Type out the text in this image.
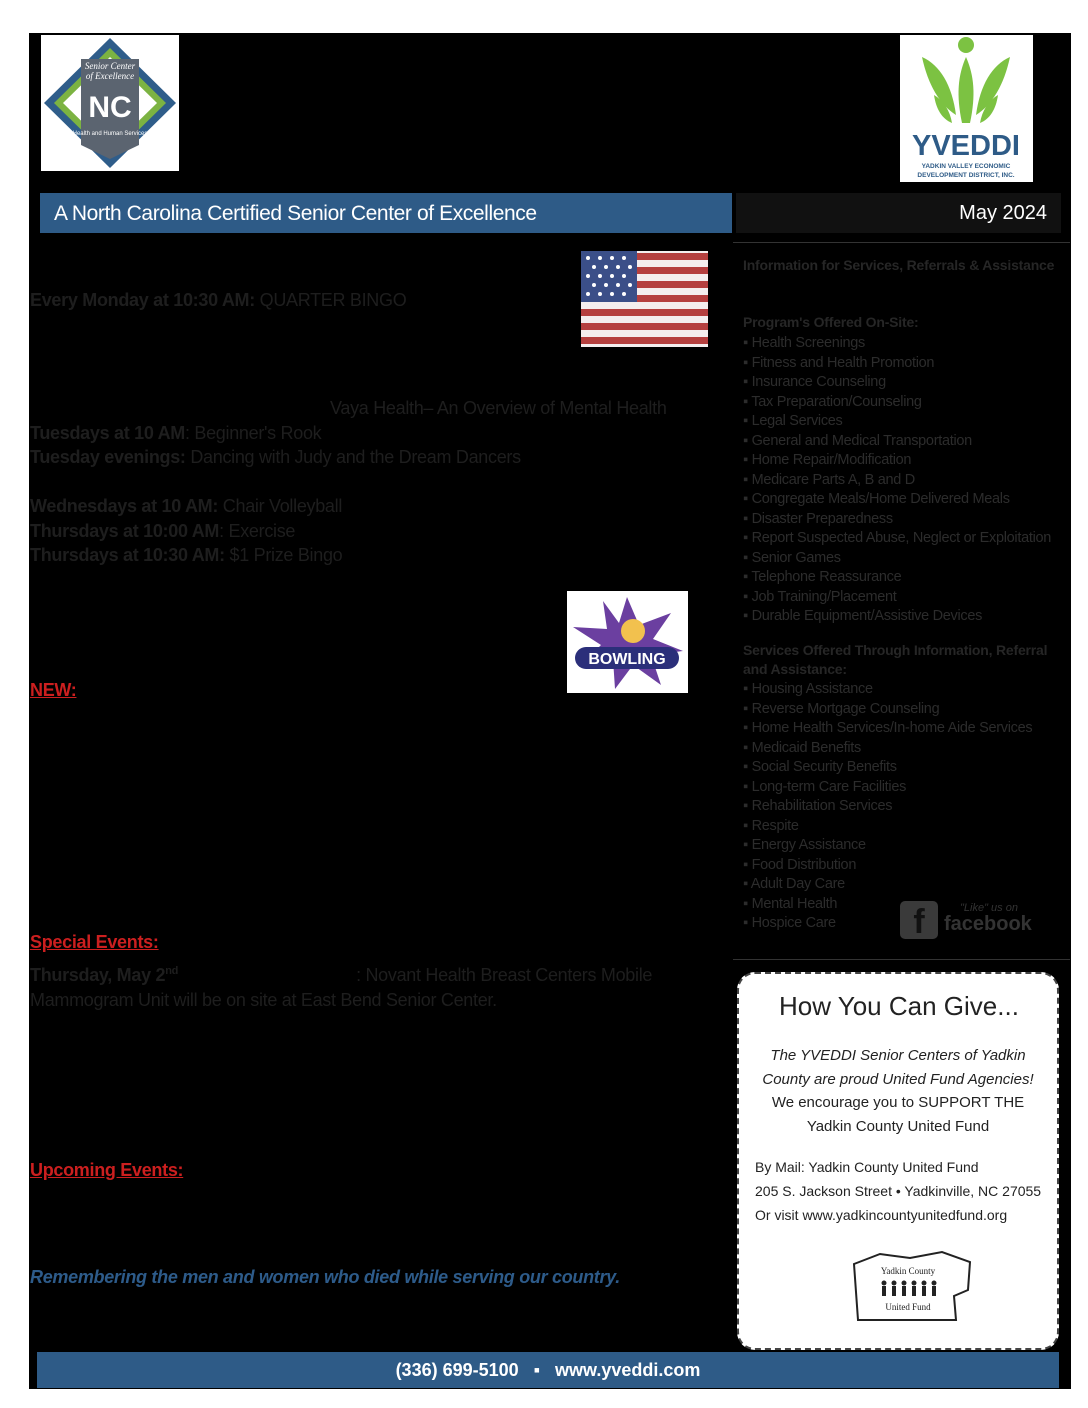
Senior Center
of Excellence
NC
Health and Human Services	YVEDDI
YADKIN VALLEY ECONOMIC
DEVELOPMENT DISTRICT, INC.
A North Carolina Certified Senior Center of Excellence	May 2024
Every Monday at 10:30 AM: QUARTER BINGO
Vaya Health– An Overview of Mental Health
Tuesdays at 10 AM: Beginner's Rook
Tuesday evenings: Dancing with Judy and the Dream Dancers
Wednesdays at 10 AM: Chair Volleyball
Thursdays at 10:00 AM: Exercise
Thursdays at 10:30 AM: $1 Prize Bingo
BOWLING
NEW:
Special Events:
Thursday, May 2nd	: Novant Health Breast Centers Mobile
Mammogram Unit will be on site at East Bend Senior Center.
Upcoming Events:
Remembering the men and women who died while serving our country.
Information for Services, Referrals & Assistance
Program's Offered On-Site:
▪ Health Screenings
▪ Fitness and Health Promotion
▪ Insurance Counseling
▪ Tax Preparation/Counseling
▪ Legal Services
▪ General and Medical Transportation
▪ Home Repair/Modification
▪ Medicare Parts A, B and D
▪ Congregate Meals/Home Delivered Meals
▪ Disaster Preparedness
▪ Report Suspected Abuse, Neglect or Exploitation
▪ Senior Games
▪ Telephone Reassurance
▪ Job Training/Placement
▪ Durable Equipment/Assistive Devices
Services Offered Through Information, Referral and Assistance:
▪ Housing Assistance
▪ Reverse Mortgage Counseling
▪ Home Health Services/In-home Aide Services
▪ Medicaid Benefits
▪ Social Security Benefits
▪ Long-term Care Facilities
▪ Rehabilitation Services
▪ Respite
▪ Energy Assistance
▪ Food Distribution
▪ Adult Day Care
▪ Mental Health
▪ Hospice Care	f	"Like" us on
facebook
How You Can Give...
The YVEDDI Senior Centers of Yadkin County are proud United Fund Agencies!
We encourage you to SUPPORT THE Yadkin County United Fund
By Mail: Yadkin County United Fund
205 S. Jackson Street • Yadkinville, NC 27055
Or visit www.yadkincountyunitedfund.org
Yadkin County
United Fund
(336) 699-5100   ▪   www.yveddi.com
